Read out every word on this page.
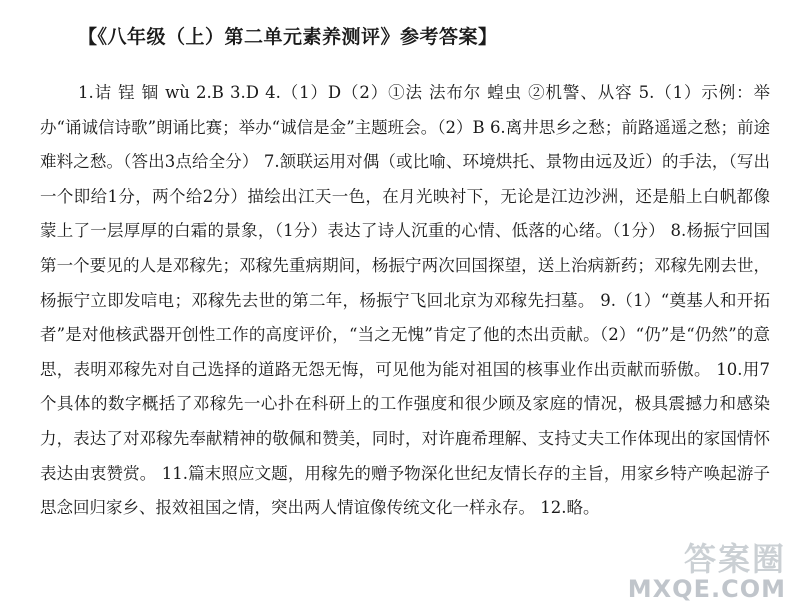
【《八年级（上）第二单元素养测评》参考答案】
1.诘 锃 锢 wù 2.B 3.D 4.（1）D（2）①法 法布尔 蝗虫 ②机警、从容 5.（1）示例：举办“诵诚信诗歌”朗诵比赛；举办“诚信是金”主题班会。（2）B 6.离井思乡之愁；前路遥遥之愁；前途难料之愁。（答出3点给全分） 7.颔联运用对偶（或比喻、环境烘托、景物由远及近）的手法，（写出一个即给1分，两个给2分）描绘出江天一色，在月光映衬下，无论是江边沙洲，还是船上白帆都像蒙上了一层厚厚的白霜的景象，（1分）表达了诗人沉重的心情、低落的心绪。（1分） 8.杨振宁回国第一个要见的人是邓稼先；邓稼先重病期间，杨振宁两次回国探望，送上治病新药；邓稼先刚去世，杨振宁立即发唁电；邓稼先去世的第二年，杨振宁飞回北京为邓稼先扫墓。 9.（1）“奠基人和开拓者”是对他核武器开创性工作的高度评价，“当之无愧”肯定了他的杰出贡献。（2）“仍”是“仍然”的意思，表明邓稼先对自己选择的道路无怨无悔，可见他为能对祖国的核事业作出贡献而骄傲。 10.用7个具体的数字概括了邓稼先一心扑在科研上的工作强度和很少顾及家庭的情况，极具震撼力和感染力，表达了对邓稼先奉献精神的敬佩和赞美，同时，对许鹿希理解、支持丈夫工作体现出的家国情怀表达由衷赞赏。 11.篇末照应文题，用稼先的赠予物深化世纪友情长存的主旨，用家乡特产唤起游子思念回归家乡、报效祖国之情，突出两人情谊像传统文化一样永存。 12.略。
答案圈
MXQE.COM
